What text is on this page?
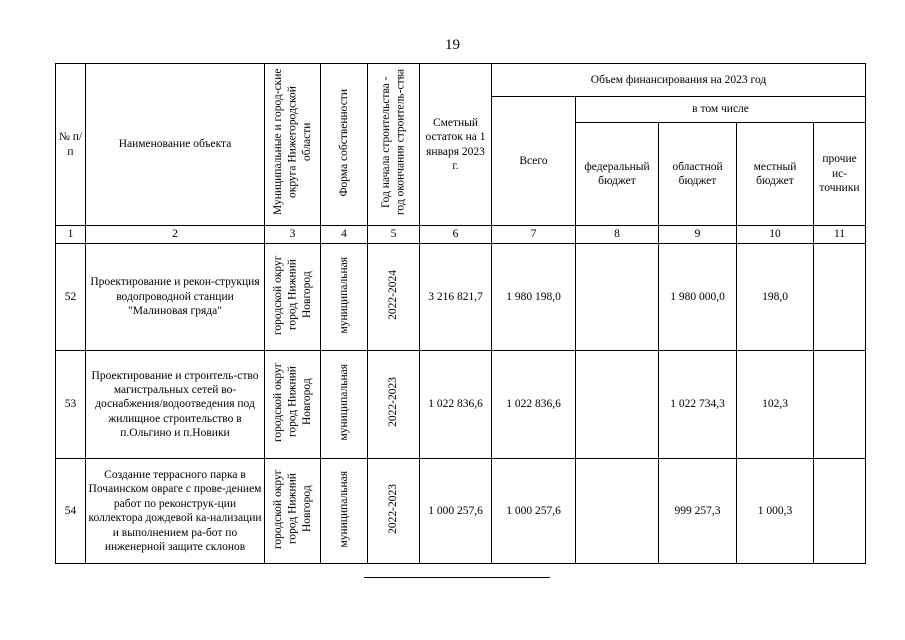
19
№ п/п	Наименование объекта	Муниципальные и город-ские округа Нижегородской области	Форма собственности	Год начала строительства - год окончания строитель-ства	Сметный остаток на 1 января 2023 г.	Объем финансирования на 2023 год				
						Всего	в том числе			
							федеральный бюджет	областной бюджет	местный бюджет	прочие ис-точники
1	2	3	4	5	6	7	8	9	10	11
52	Проектирование и рекон-струкция водопроводной станции "Малиновая гряда"	городской округ город Нижний Новгород	муниципальная	2022-2024	3 216 821,7	1 980 198,0		1 980 000,0	198,0	
53	Проектирование и строитель-ство магистральных сетей во-доснабжения/водоотведения под жилищное строительство в п.Ольгино и п.Новики	городской округ город Нижний Новгород	муниципальная	2022-2023	1 022 836,6	1 022 836,6		1 022 734,3	102,3	
54	Создание террасного парка в Почаинском овраге с прове-дением работ по реконструк-ции коллектора дождевой ка-нализации и выполнением ра-бот по инженерной защите склонов	городской округ город Нижний Новгород	муниципальная	2022-2023	1 000 257,6	1 000 257,6		999 257,3	1 000,3	
